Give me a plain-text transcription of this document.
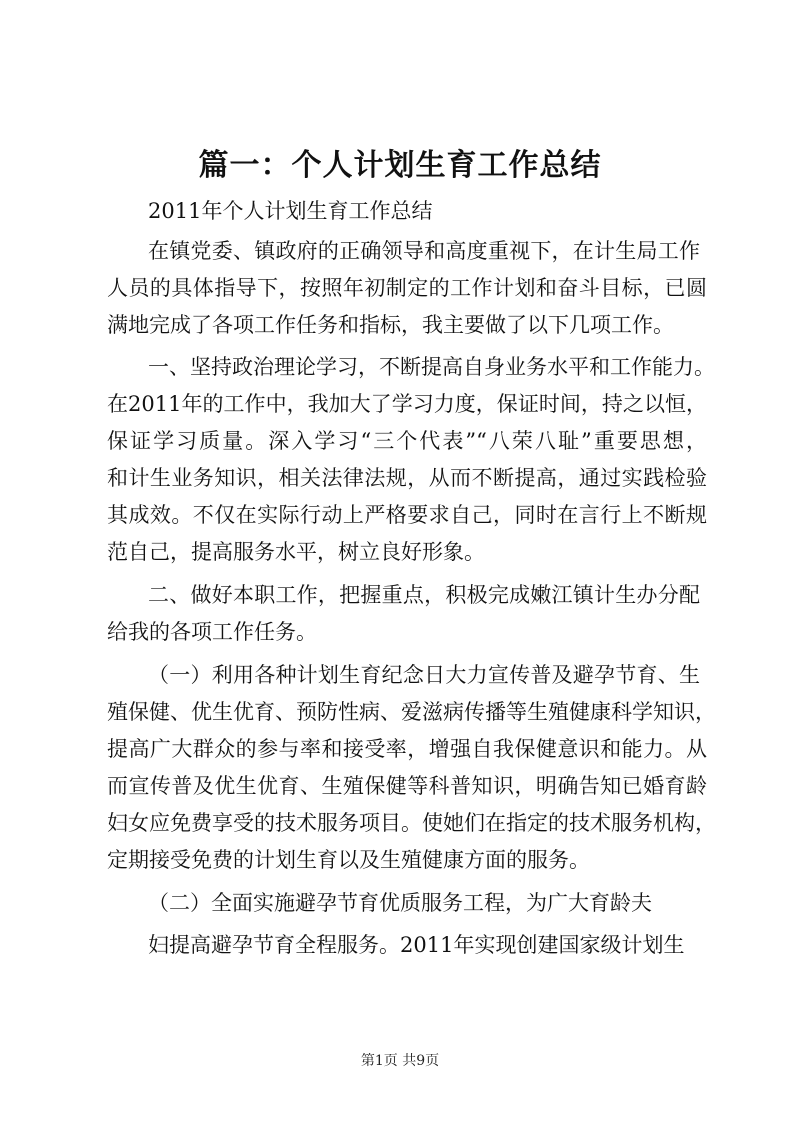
篇一：个人计划生育工作总结
2011年个人计划生育工作总结
在镇党委、镇政府的正确领导和高度重视下，在计生局工作
人员的具体指导下，按照年初制定的工作计划和奋斗目标，已圆
满地完成了各项工作任务和指标，我主要做了以下几项工作。
一、坚持政治理论学习，不断提高自身业务水平和工作能力。
在2011年的工作中，我加大了学习力度，保证时间，持之以恒，
保证学习质量。深入学习“三个代表”“八荣八耻”重要思想，
和计生业务知识，相关法律法规，从而不断提高，通过实践检验
其成效。不仅在实际行动上严格要求自己，同时在言行上不断规
范自己，提高服务水平，树立良好形象。
二、做好本职工作，把握重点，积极完成嫩江镇计生办分配
给我的各项工作任务。
（一）利用各种计划生育纪念日大力宣传普及避孕节育、生
殖保健、优生优育、预防性病、爱滋病传播等生殖健康科学知识，
提高广大群众的参与率和接受率，增强自我保健意识和能力。从
而宣传普及优生优育、生殖保健等科普知识，明确告知已婚育龄
妇女应免费享受的技术服务项目。使她们在指定的技术服务机构，
定期接受免费的计划生育以及生殖健康方面的服务。
（二）全面实施避孕节育优质服务工程，为广大育龄夫
妇提高避孕节育全程服务。2011年实现创建国家级计划生
第1页 共9页
